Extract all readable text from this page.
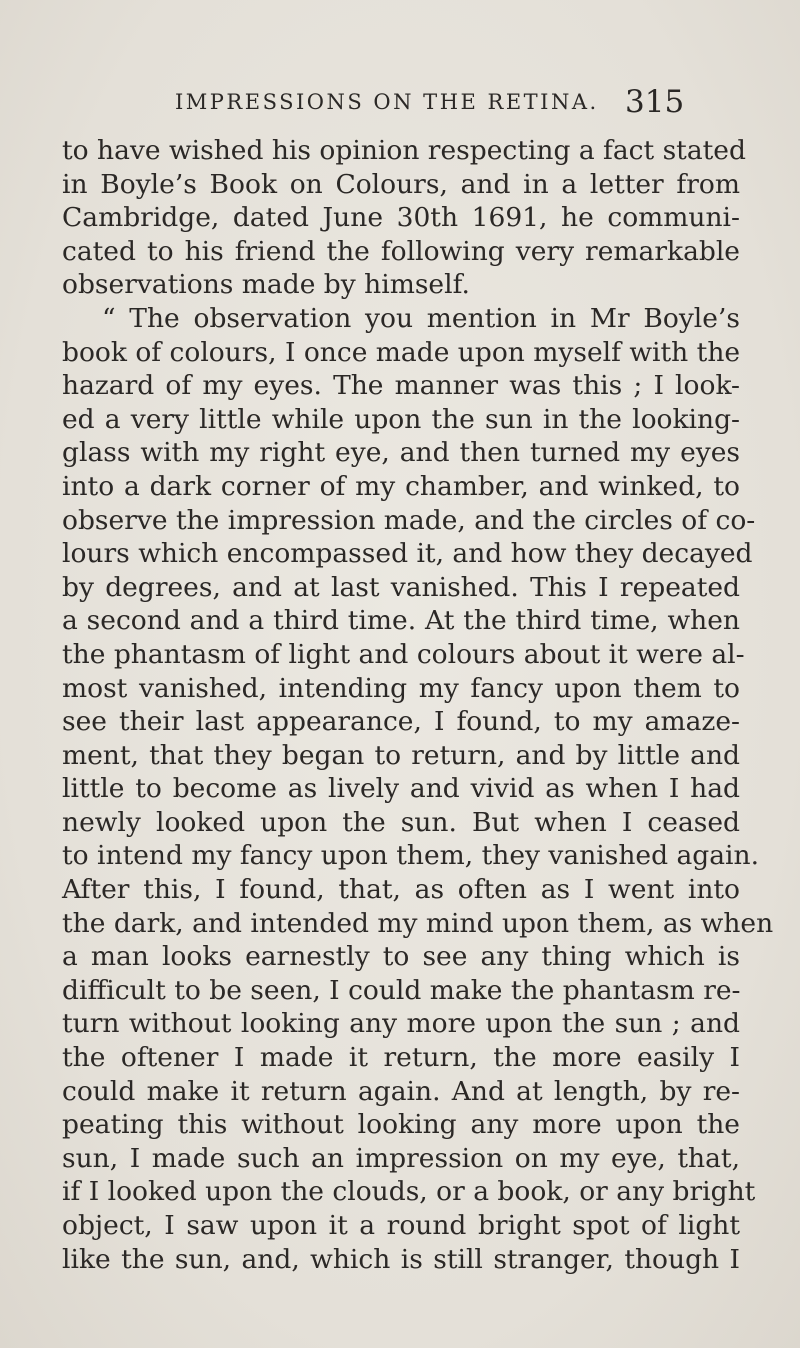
IMPRESSIONS ON THE RETINA. 315
to have wished his opinion respecting a fact stated
in Boyle’s Book on Colours, and in a letter from
Cambridge, dated June 30th 1691, he communi-
cated to his friend the following very remarkable
observations made by himself.
“ The observation you mention in Mr Boyle’s
book of colours, I once made upon myself with the
hazard of my eyes. The manner was this ; I look-
ed a very little while upon the sun in the looking-
glass with my right eye, and then turned my eyes
into a dark corner of my chamber, and winked, to
observe the impression made, and the circles of co-
lours which encompassed it, and how they decayed
by degrees, and at last vanished. This I repeated
a second and a third time. At the third time, when
the phantasm of light and colours about it were al-
most vanished, intending my fancy upon them to
see their last appearance, I found, to my amaze-
ment, that they began to return, and by little and
little to become as lively and vivid as when I had
newly looked upon the sun. But when I ceased
to intend my fancy upon them, they vanished again.
After this, I found, that, as often as I went into
the dark, and intended my mind upon them, as when
a man looks earnestly to see any thing which is
difficult to be seen, I could make the phantasm re-
turn without looking any more upon the sun ; and
the oftener I made it return, the more easily I
could make it return again. And at length, by re-
peating this without looking any more upon the
sun, I made such an impression on my eye, that,
if I looked upon the clouds, or a book, or any bright
object, I saw upon it a round bright spot of light
like the sun, and, which is still stranger, though I
